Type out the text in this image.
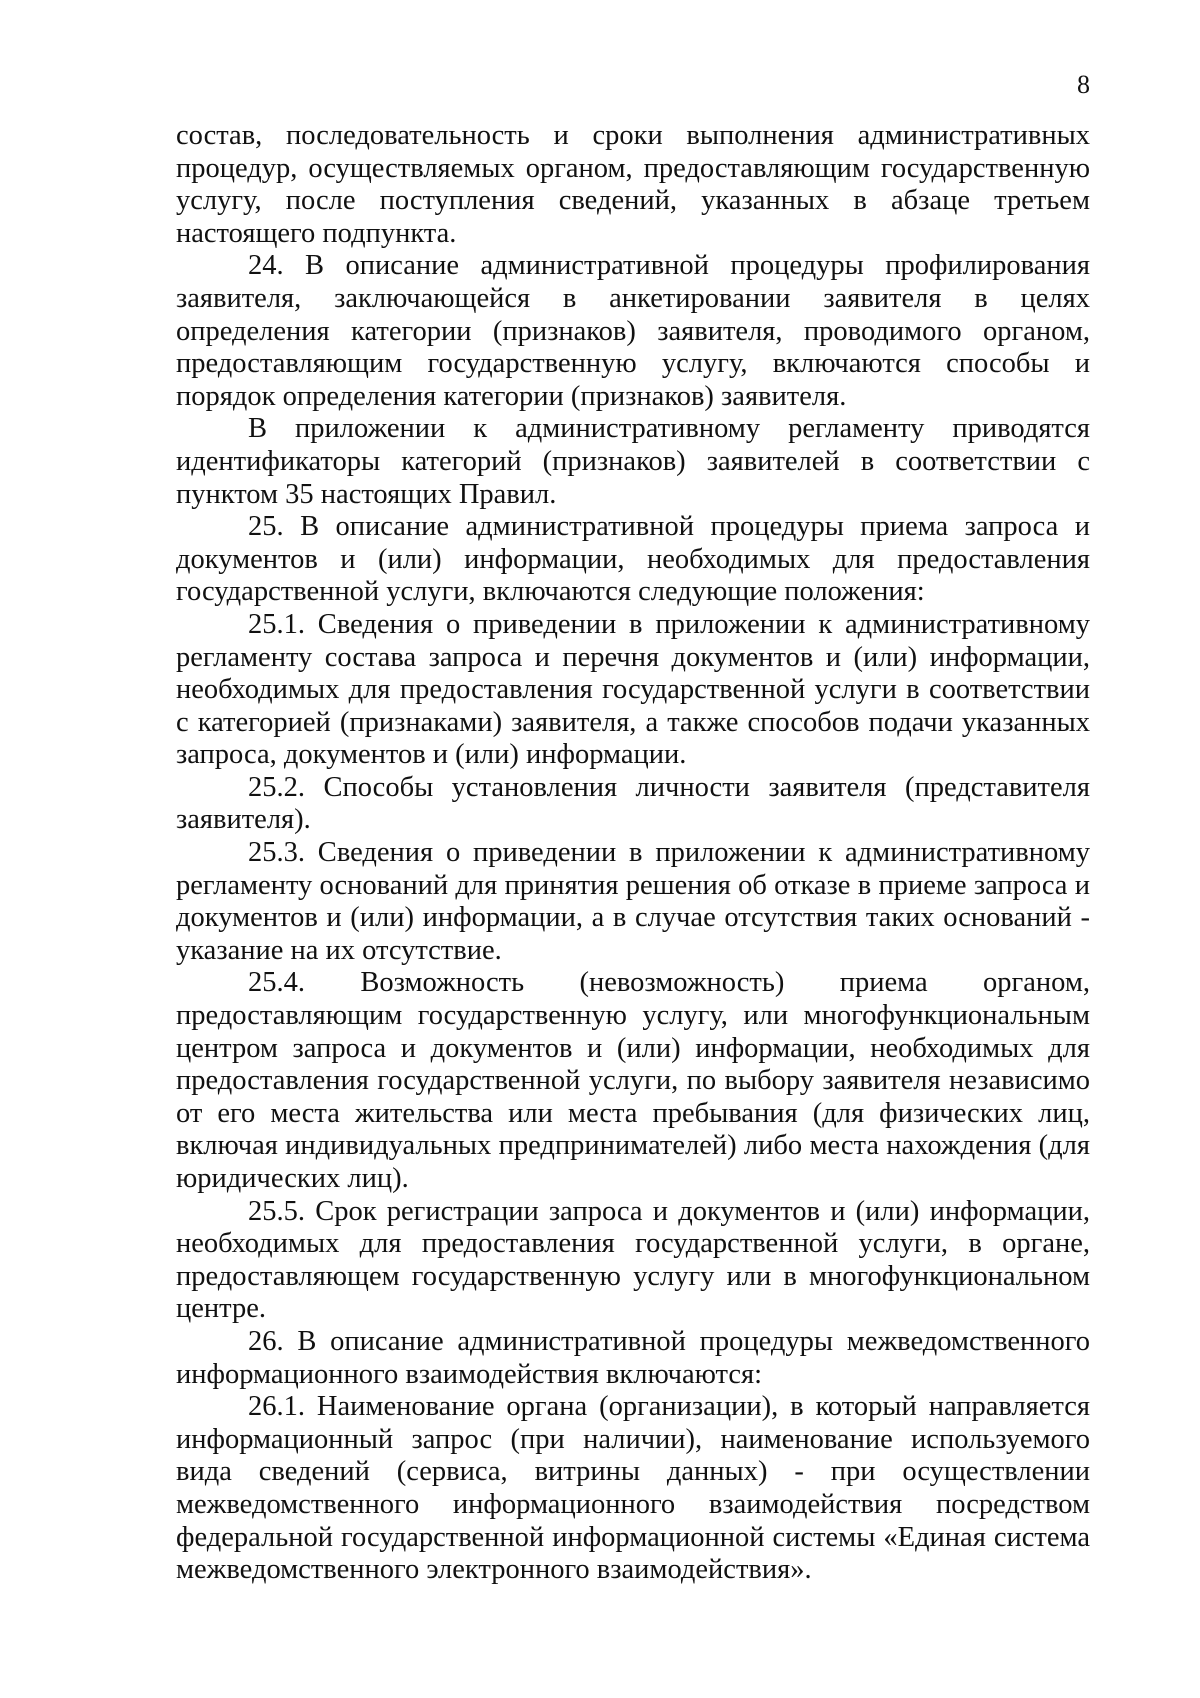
8

состав, последовательность и сроки выполнения административных процедур, осуществляемых органом, предоставляющим государственную услугу, после поступления сведений, указанных в абзаце третьем настоящего подпункта.

24. В описание административной процедуры профилирования заявителя, заключающейся в анкетировании заявителя в целях определения категории (признаков) заявителя, проводимого органом, предоставляющим государственную услугу, включаются способы и порядок определения категории (признаков) заявителя.

В приложении к административному регламенту приводятся идентификаторы категорий (признаков) заявителей в соответствии с пунктом 35 настоящих Правил.

25. В описание административной процедуры приема запроса и документов и (или) информации, необходимых для предоставления государственной услуги, включаются следующие положения:

25.1. Сведения о приведении в приложении к административному регламенту состава запроса и перечня документов и (или) информации, необходимых для предоставления государственной услуги в соответствии с категорией (признаками) заявителя, а также способов подачи указанных запроса, документов и (или) информации.

25.2. Способы установления личности заявителя (представителя заявителя).

25.3. Сведения о приведении в приложении к административному регламенту оснований для принятия решения об отказе в приеме запроса и документов и (или) информации, а в случае отсутствия таких оснований - указание на их отсутствие.

25.4. Возможность (невозможность) приема органом, предоставляющим государственную услугу, или многофункциональным центром запроса и документов и (или) информации, необходимых для предоставления государственной услуги, по выбору заявителя независимо от его места жительства или места пребывания (для физических лиц, включая индивидуальных предпринимателей) либо места нахождения (для юридических лиц).

25.5. Срок регистрации запроса и документов и (или) информации, необходимых для предоставления государственной услуги, в органе, предоставляющем государственную услугу или в многофункциональном центре.

26. В описание административной процедуры межведомственного информационного взаимодействия включаются:

26.1. Наименование органа (организации), в который направляется информационный запрос (при наличии), наименование используемого вида сведений (сервиса, витрины данных) - при осуществлении межведомственного информационного взаимодействия посредством федеральной государственной информационной системы «Единая система межведомственного электронного взаимодействия».
